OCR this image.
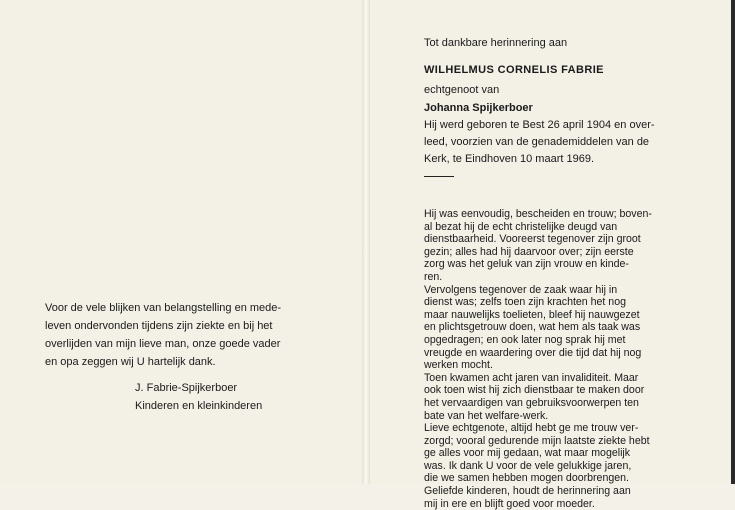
Voor de vele blijken van belangstelling en mede-
leven ondervonden tijdens zijn ziekte en bij het
overlijden van mijn lieve man, onze goede vader
en opa zeggen wij U hartelijk dank.
J. Fabrie-Spijkerboer
Kinderen en kleinkinderen
Tot dankbare herinnering aan
WILHELMUS CORNELIS FABRIE
echtgenoot van
Johanna Spijkerboer
Hij werd geboren te Best 26 april 1904 en over-
leed, voorzien van de genademiddelen van de
Kerk, te Eindhoven 10 maart 1969.
Hij was eenvoudig, bescheiden en trouw; boven-
al bezat hij de echt christelijke deugd van
dienstbaarheid. Vooreerst tegenover zijn groot
gezin; alles had hij daarvoor over; zijn eerste
zorg was het geluk van zijn vrouw en kinde-
ren.
Vervolgens tegenover de zaak waar hij in
dienst was; zelfs toen zijn krachten het nog
maar nauwelijks toelieten, bleef hij nauwgezet
en plichtsgetrouw doen, wat hem als taak was
opgedragen; en ook later nog sprak hij met
vreugde en waardering over die tijd dat hij nog
werken mocht.
Toen kwamen acht jaren van invaliditeit. Maar
ook toen wist hij zich dienstbaar te maken door
het vervaardigen van gebruiksvoorwerpen ten
bate van het welfare-werk.
Lieve echtgenote, altijd hebt ge me trouw ver-
zorgd; vooral gedurende mijn laatste ziekte hebt
ge alles voor mij gedaan, wat maar mogelijk
was. Ik dank U voor de vele gelukkige jaren,
die we samen hebben mogen doorbrengen.
Geliefde kinderen, houdt de herinnering aan
mij in ere en blijft goed voor moeder.
